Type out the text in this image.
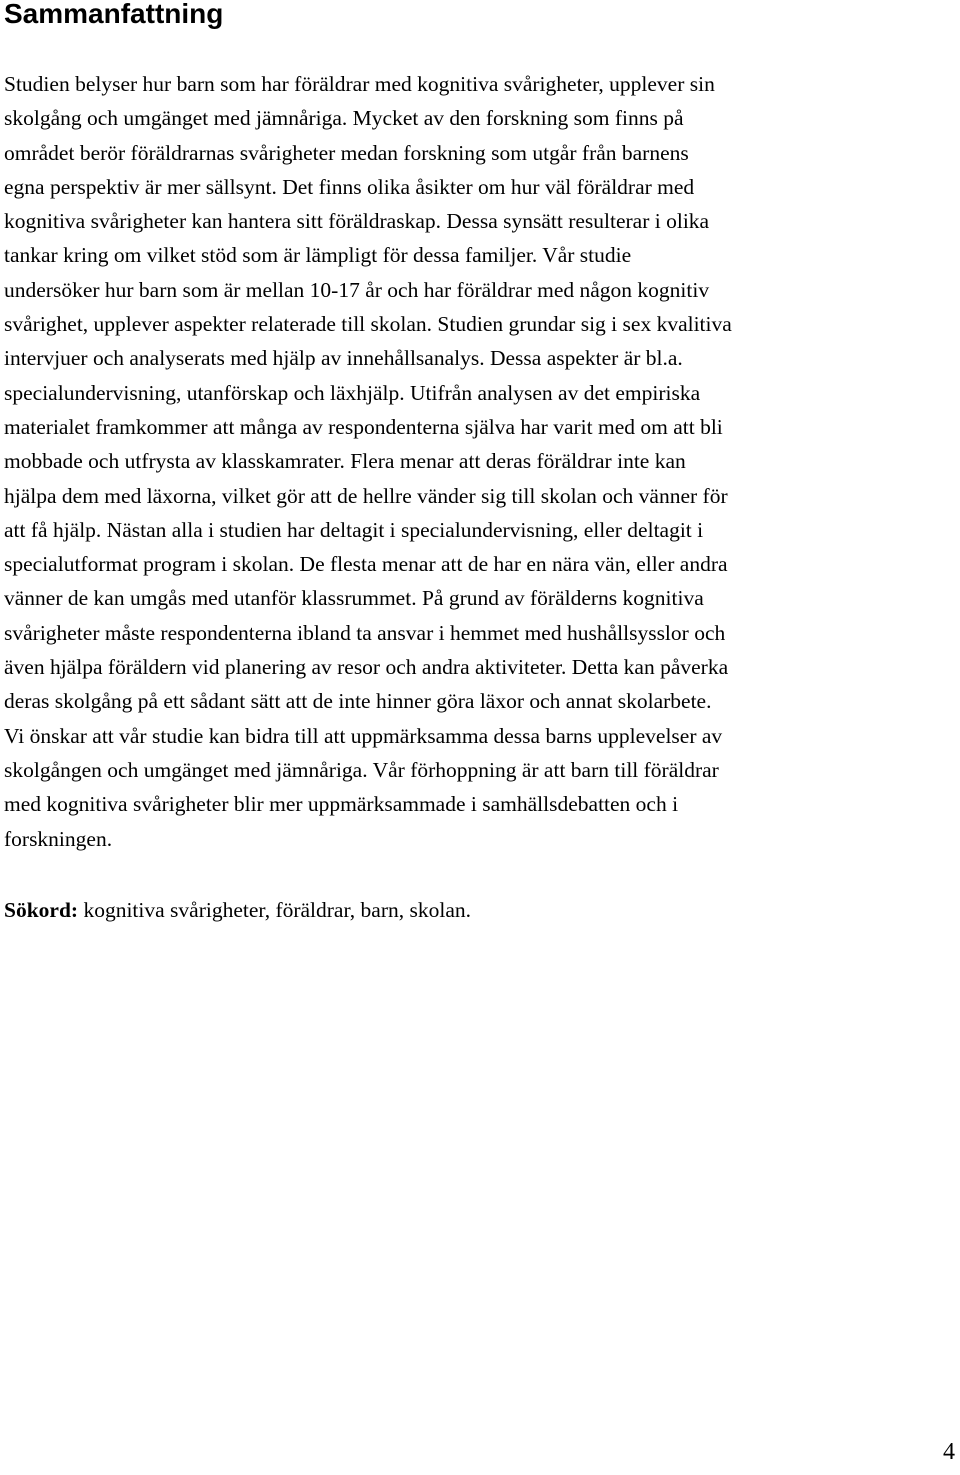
Sammanfattning

Studien belyser hur barn som har föräldrar med kognitiva svårigheter, upplever sin
skolgång och umgänget med jämnåriga. Mycket av den forskning som finns på
området berör föräldrarnas svårigheter medan forskning som utgår från barnens
egna perspektiv är mer sällsynt. Det finns olika åsikter om hur väl föräldrar med
kognitiva svårigheter kan hantera sitt föräldraskap. Dessa synsätt resulterar i olika
tankar kring om vilket stöd som är lämpligt för dessa familjer. Vår studie
undersöker hur barn som är mellan 10-17 år och har föräldrar med någon kognitiv
svårighet, upplever aspekter relaterade till skolan. Studien grundar sig i sex kvalitiva
intervjuer och analyserats med hjälp av innehållsanalys. Dessa aspekter är bl.a.
specialundervisning, utanförskap och läxhjälp. Utifrån analysen av det empiriska
materialet framkommer att många av respondenterna själva har varit med om att bli
mobbade och utfrysta av klasskamrater. Flera menar att deras föräldrar inte kan
hjälpa dem med läxorna, vilket gör att de hellre vänder sig till skolan och vänner för
att få hjälp. Nästan alla i studien har deltagit i specialundervisning, eller deltagit i
specialutformat program i skolan. De flesta menar att de har en nära vän, eller andra
vänner de kan umgås med utanför klassrummet. På grund av förälderns kognitiva
svårigheter måste respondenterna ibland ta ansvar i hemmet med hushållsysslor och
även hjälpa föräldern vid planering av resor och andra aktiviteter. Detta kan påverka
deras skolgång på ett sådant sätt att de inte hinner göra läxor och annat skolarbete.
Vi önskar att vår studie kan bidra till att uppmärksamma dessa barns upplevelser av
skolgången och umgänget med jämnåriga. Vår förhoppning är att barn till föräldrar
med kognitiva svårigheter blir mer uppmärksammade i samhällsdebatten och i
forskningen.

Sökord: kognitiva svårigheter, föräldrar, barn, skolan.

4
